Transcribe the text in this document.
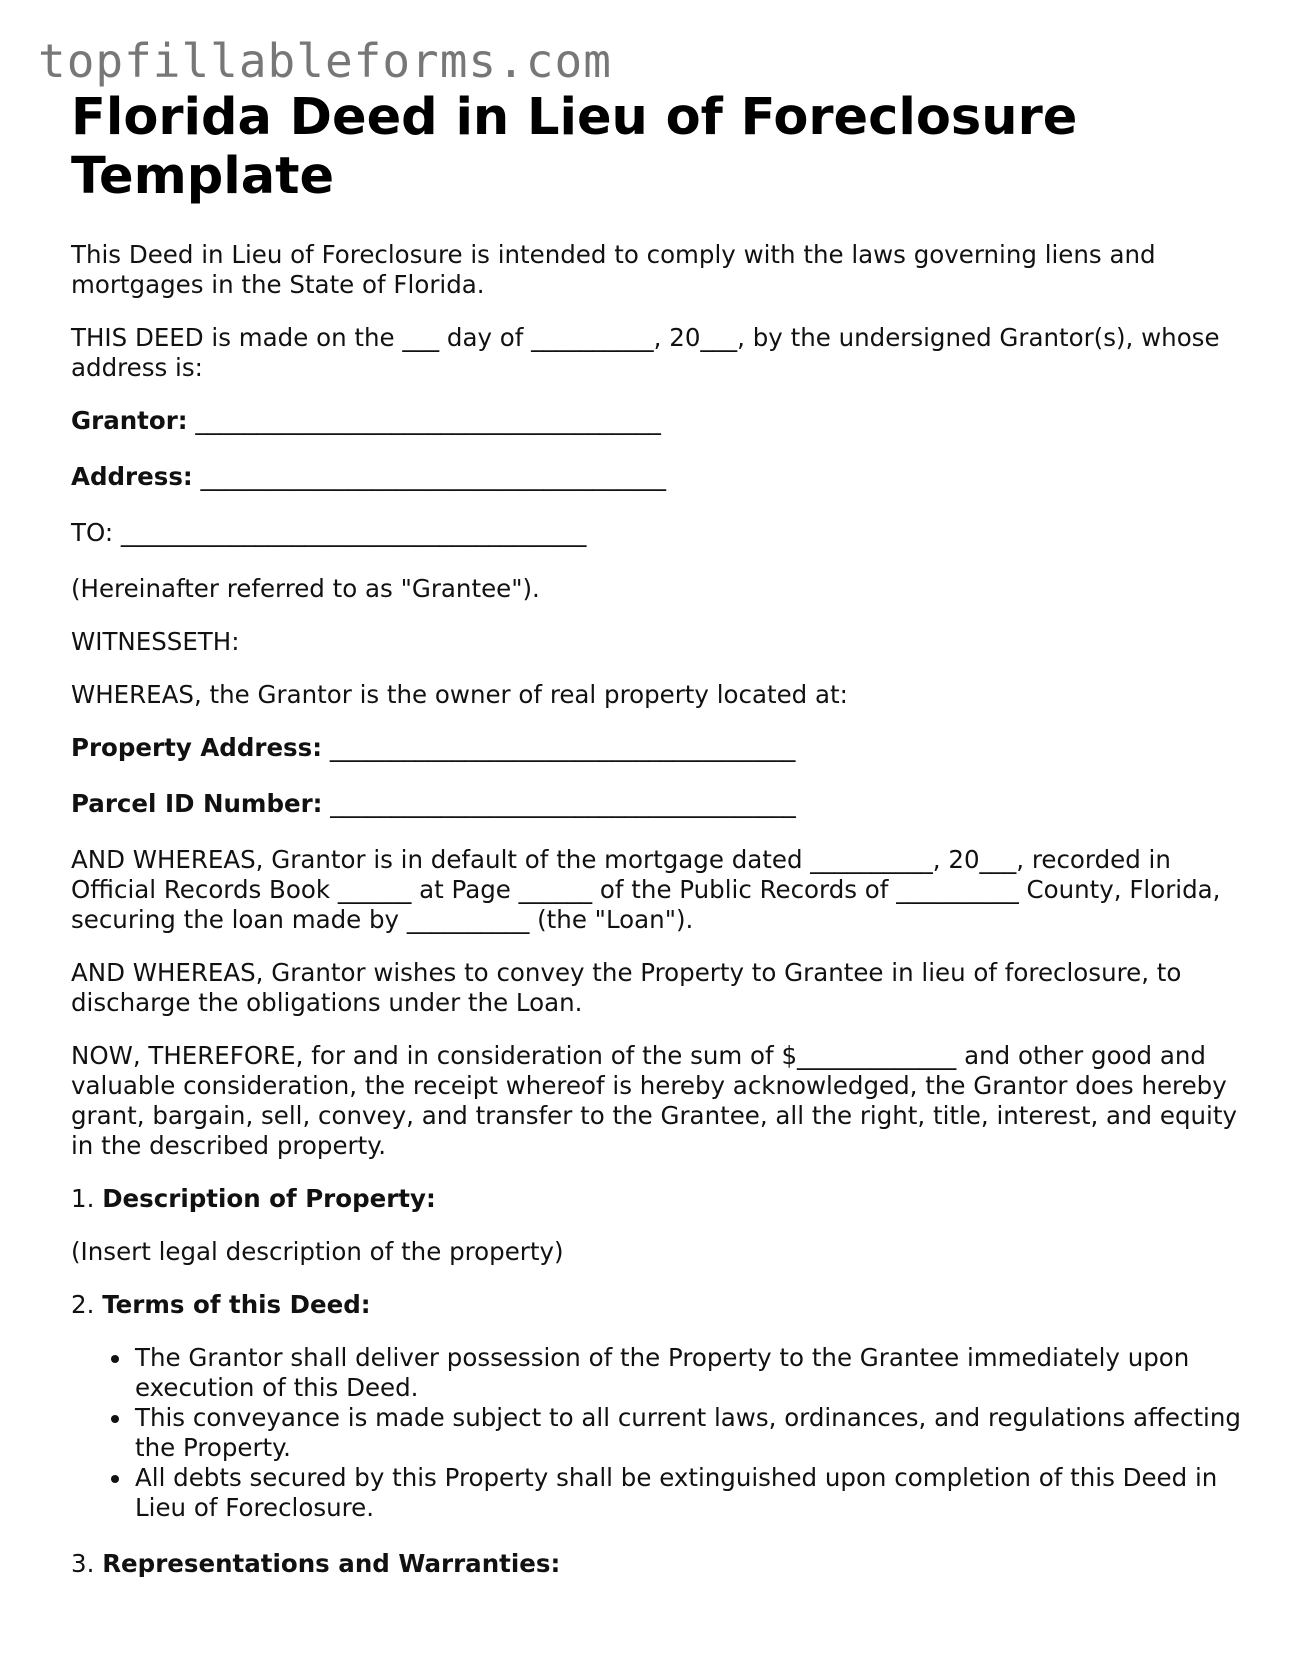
topfillableforms.com
Florida Deed in Lieu of Foreclosure Template

This Deed in Lieu of Foreclosure is intended to comply with the laws governing liens and mortgages in the State of Florida.

THIS DEED is made on the ___ day of __________, 20___, by the undersigned Grantor(s), whose address is:

Grantor: ______________________________________

Address: ______________________________________

TO: ______________________________________

(Hereinafter referred to as "Grantee").

WITNESSETH:

WHEREAS, the Grantor is the owner of real property located at:

Property Address: ______________________________________

Parcel ID Number: ______________________________________

AND WHEREAS, Grantor is in default of the mortgage dated __________, 20___, recorded in Official Records Book ______ at Page ______ of the Public Records of __________ County, Florida, securing the loan made by __________ (the "Loan").

AND WHEREAS, Grantor wishes to convey the Property to Grantee in lieu of foreclosure, to discharge the obligations under the Loan.

NOW, THEREFORE, for and in consideration of the sum of $_____________ and other good and valuable consideration, the receipt whereof is hereby acknowledged, the Grantor does hereby grant, bargain, sell, convey, and transfer to the Grantee, all the right, title, interest, and equity in the described property.

1. Description of Property:

(Insert legal description of the property)

2. Terms of this Deed:
• The Grantor shall deliver possession of the Property to the Grantee immediately upon execution of this Deed.
• This conveyance is made subject to all current laws, ordinances, and regulations affecting the Property.
• All debts secured by this Property shall be extinguished upon completion of this Deed in Lieu of Foreclosure.
3. Representations and Warranties:
